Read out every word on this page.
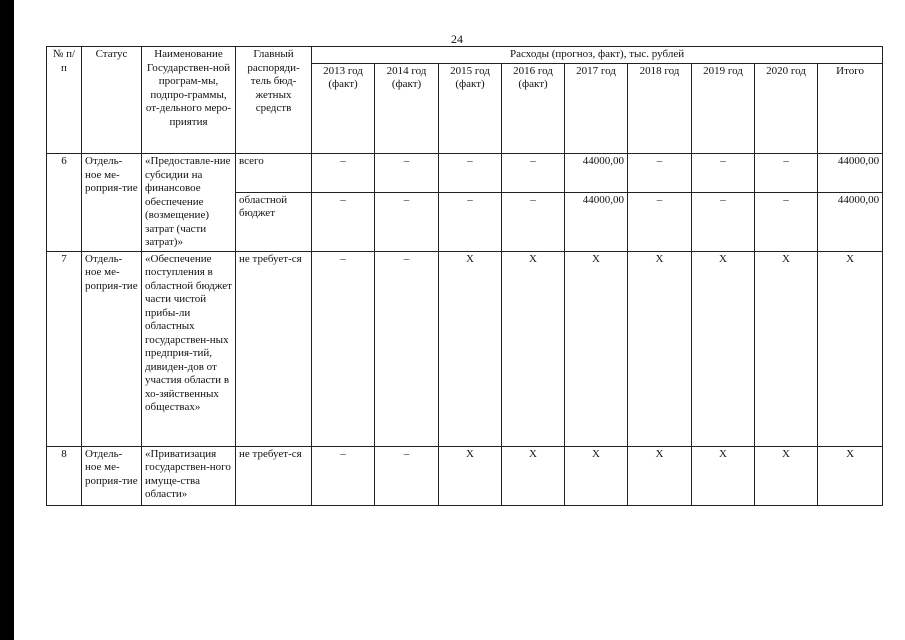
24
№ п/п	Статус	Наименование Государствен-ной програм-мы, подпро-граммы, от-дельного меро-приятия	Главный распоряди-тель бюд-жетных средств	Расходы (прогноз, факт), тыс. рублей								
				2013 год (факт)	2014 год (факт)	2015 год (факт)	2016 год (факт)	2017 год	2018 год	2019 год	2020 год	Итого
6	Отдель-ное ме-роприя-тие	«Предоставле-ние субсидии на финансовое обеспечение (возмещение) затрат (части затрат)»	всего	–	–	–	–	44000,00	–	–	–	44000,00
			областной бюджет	–	–	–	–	44000,00	–	–	–	44000,00
7	Отдель-ное ме-роприя-тие	«Обеспечение поступления в областной бюджет части чистой прибы-ли областных государствен-ных предприя-тий, дивиден-дов от участия области в хо-зяйственных обществах»	не требует-ся	–	–	Х	Х	Х	Х	Х	Х	Х
8	Отдель-ное ме-роприя-тие	«Приватизация государствен-ного имуще-ства области»	не требует-ся	–	–	Х	Х	Х	Х	Х	Х	Х
